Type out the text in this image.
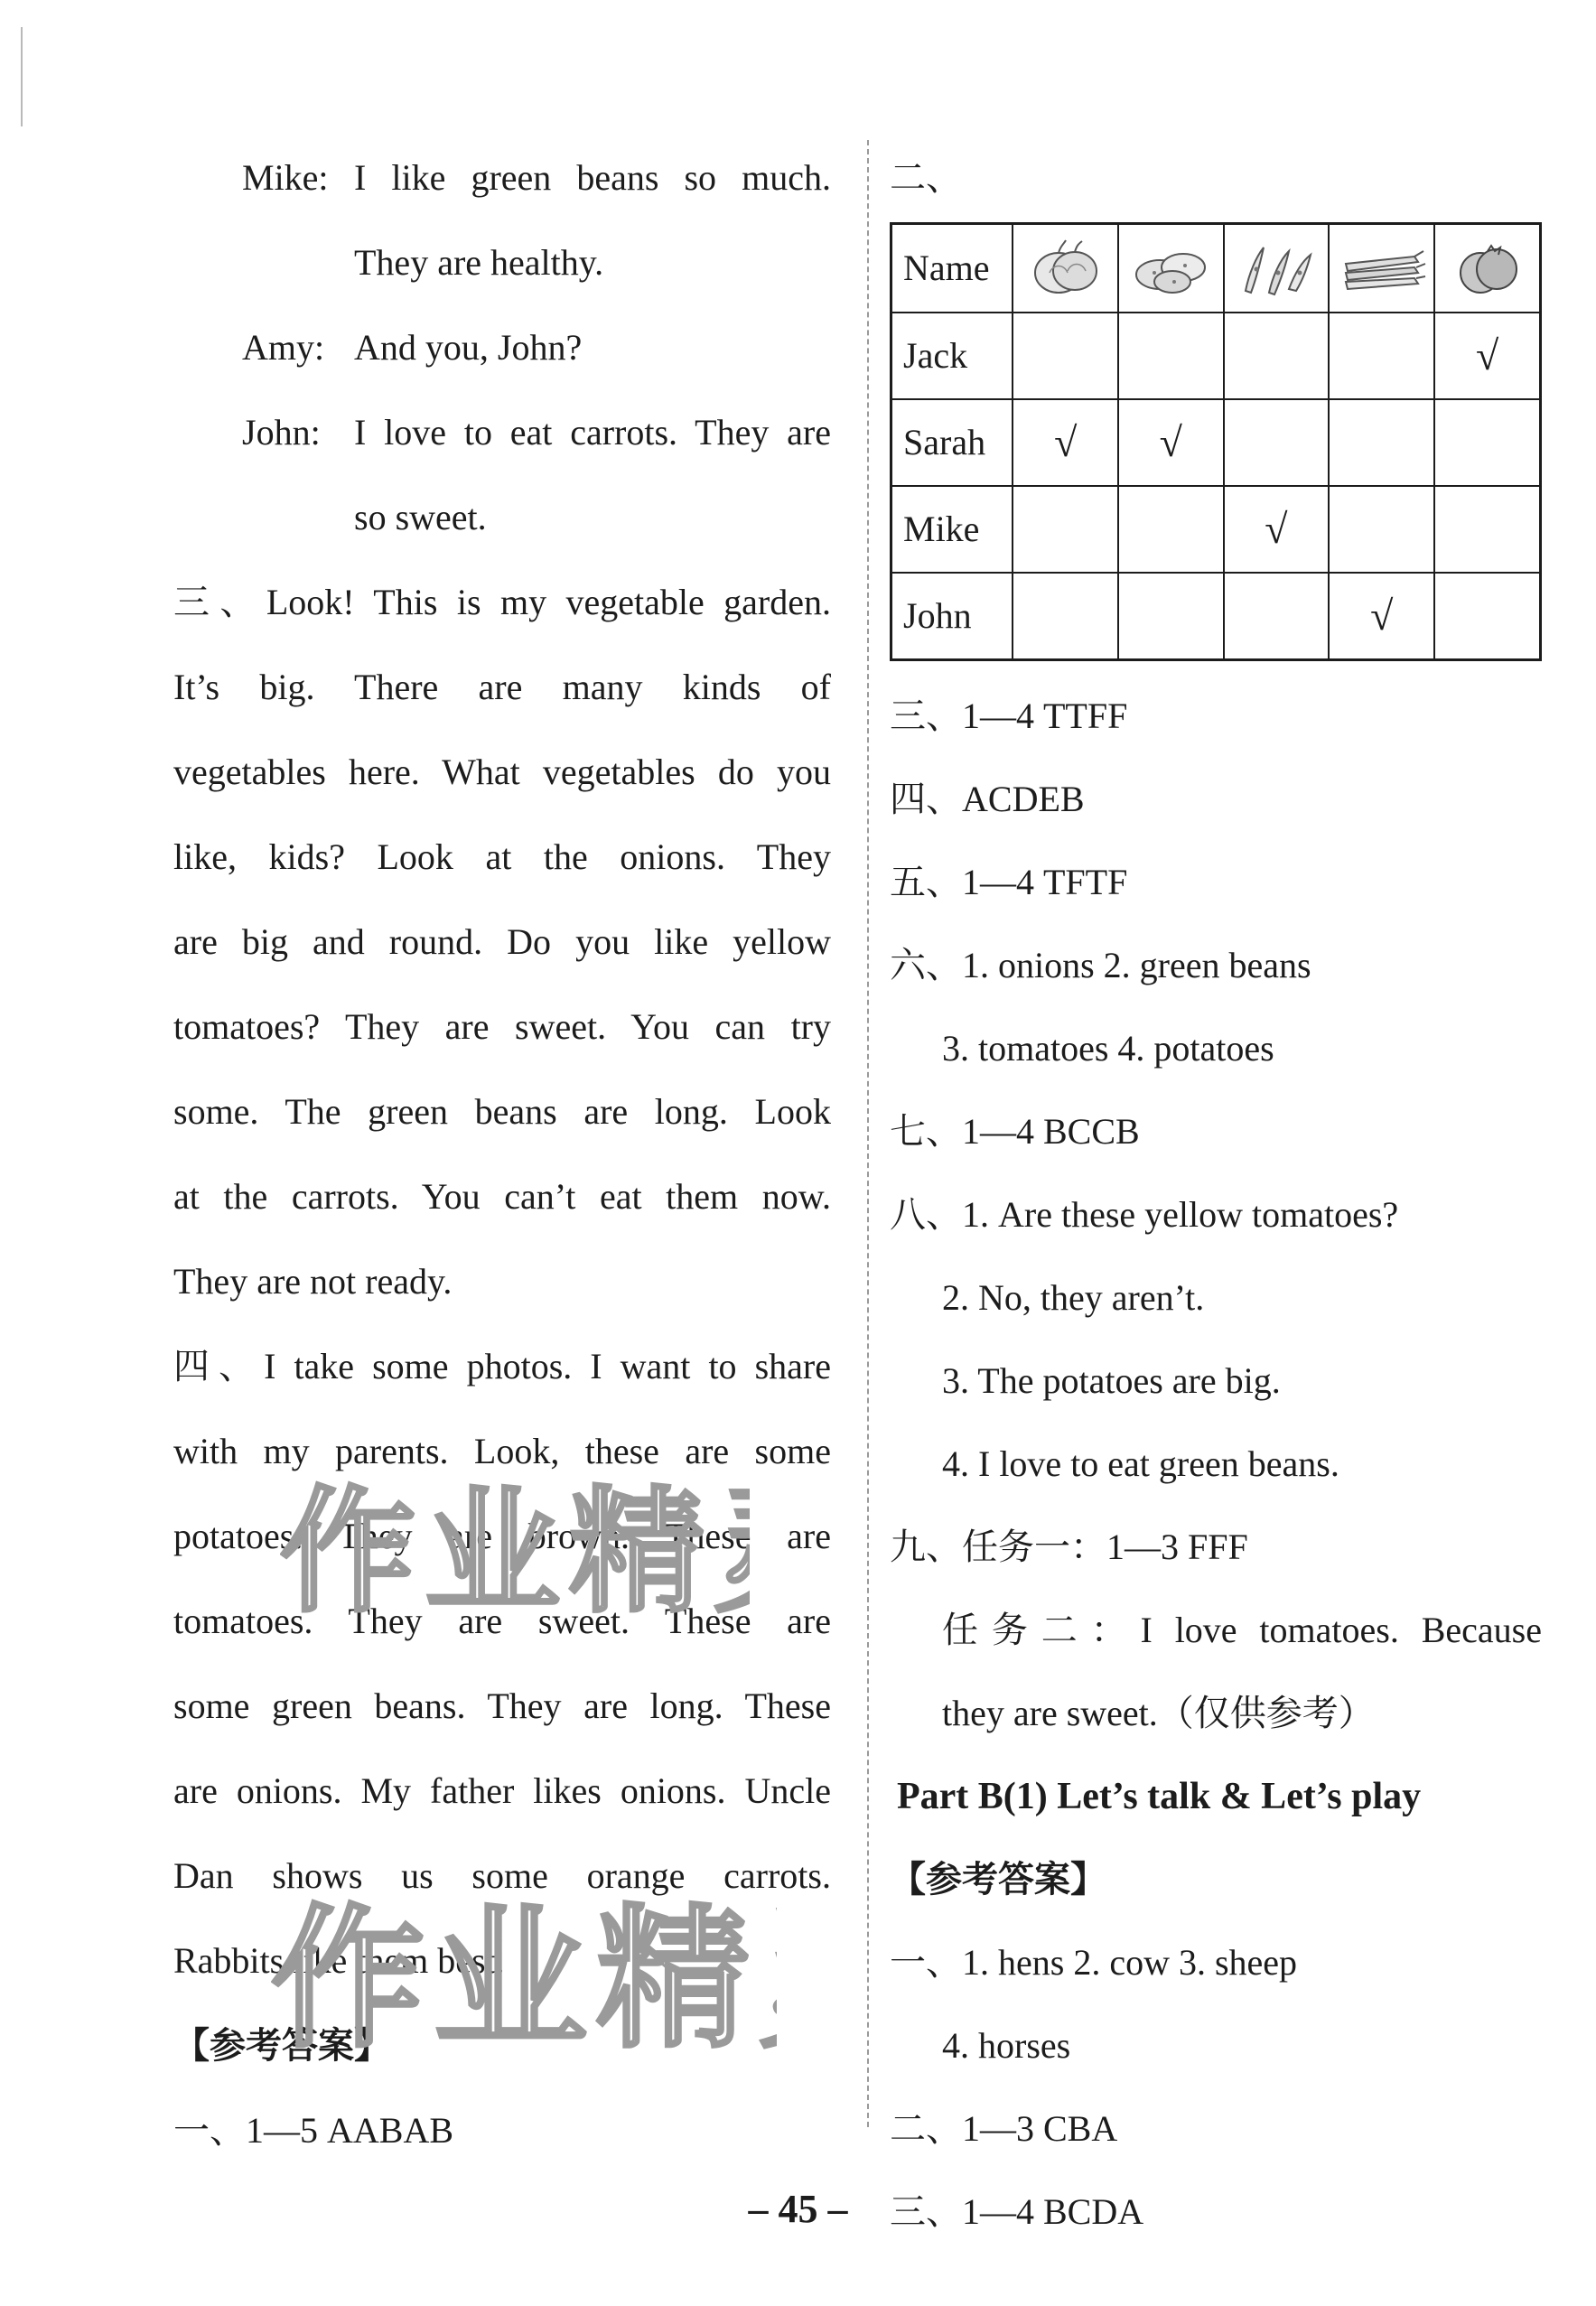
Mike: I like green beans so much.
They are healthy.
Amy: And you, John?
John: I love to eat carrots. They are
so sweet.
三、Look! This is my vegetable garden.
It’s big. There are many kinds of
vegetables here. What vegetables do you
like, kids? Look at the onions. They
are big and round. Do you like yellow
tomatoes? They are sweet. You can try
some. The green beans are long. Look
at the carrots. You can’t eat them now.
They are not ready.
四、I take some photos. I want to share
with my parents. Look, these are some
potatoes. They are brown. These are
tomatoes. They are sweet. These are
some green beans. They are long. These
are onions. My father likes onions. Uncle
Dan shows us some orange carrots.
Rabbits like them best.
【参考答案】
一、1—5 AABAB
二、
Name	

Jack					√
Sarah	√	√			
Mike			√		
John				√	
三、1—4 TTFF
四、ACDEB
五、1—4 TFTF
六、1. onions 2. green beans
3. tomatoes 4. potatoes
七、1—4 BCCB
八、1. Are these yellow tomatoes?
2. No, they aren’t.
3. The potatoes are big.
4. I love to eat green beans.
九、任务一：1—3 FFF
任务二：I love tomatoes. Because
they are sweet.（仅供参考）
Part B(1) Let’s talk & Let’s play
【参考答案】
一、1. hens 2. cow 3. sheep
4. horses
二、1—3 CBA
三、1—4 BCDA
作业精
作业精
– 45 –
